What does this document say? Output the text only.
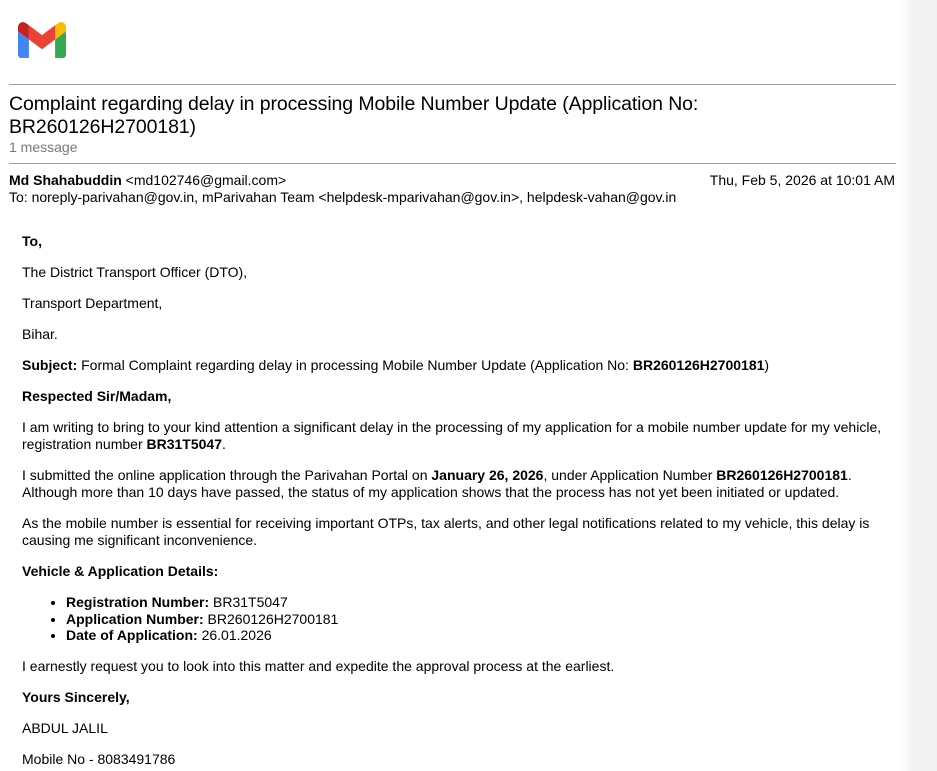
Complaint regarding delay in processing Mobile Number Update (Application No: BR260126H2700181)
1 message
Md Shahabuddin <md102746@gmail.com>	Thu, Feb 5, 2026 at 10:01 AM
To: noreply-parivahan@gov.in, mParivahan Team <helpdesk-mparivahan@gov.in>, helpdesk-vahan@gov.in

To,

The District Transport Officer (DTO),

Transport Department,

Bihar.

Subject: Formal Complaint regarding delay in processing Mobile Number Update (Application No: BR260126H2700181)

Respected Sir/Madam,

I am writing to bring to your kind attention a significant delay in the processing of my application for a mobile number update for my vehicle, registration number BR31T5047.

I submitted the online application through the Parivahan Portal on January 26, 2026, under Application Number BR260126H2700181. Although more than 10 days have passed, the status of my application shows that the process has not yet been initiated or updated.

As the mobile number is essential for receiving important OTPs, tax alerts, and other legal notifications related to my vehicle, this delay is causing me significant inconvenience.

Vehicle & Application Details:

• Registration Number: BR31T5047
• Application Number: BR260126H2700181
• Date of Application: 26.01.2026

I earnestly request you to look into this matter and expedite the approval process at the earliest.

Yours Sincerely,

ABDUL JALIL

Mobile No - 8083491786
